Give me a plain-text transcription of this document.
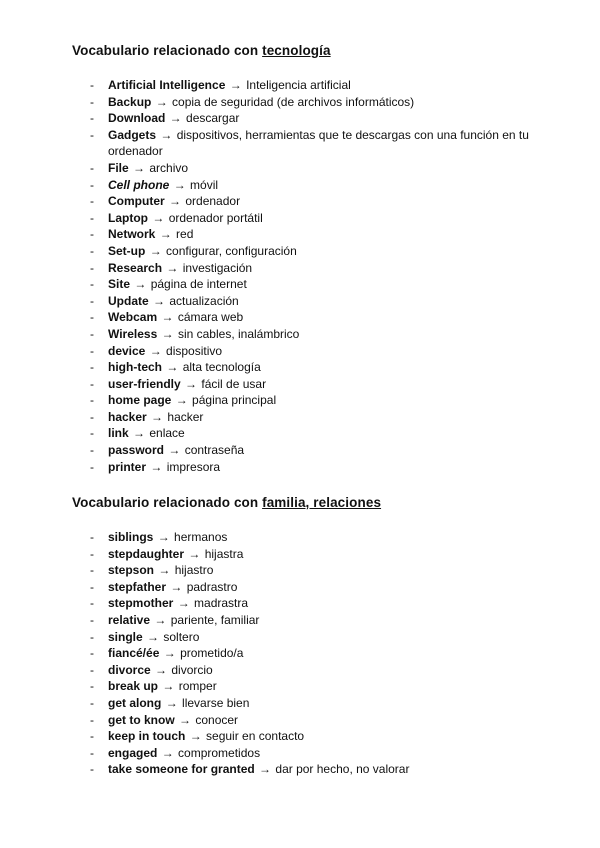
Vocabulario relacionado con tecnología
- Artificial Intelligence → Inteligencia artificial
- Backup → copia de seguridad (de archivos informáticos)
- Download → descargar
- Gadgets → dispositivos, herramientas que te descargas con una función en tu ordenador
- File → archivo
- Cell phone → móvil
- Computer → ordenador
- Laptop → ordenador portátil
- Network → red
- Set-up → configurar, configuración
- Research → investigación
- Site → página de internet
- Update → actualización
- Webcam → cámara web
- Wireless → sin cables, inalámbrico
- device → dispositivo
- high-tech → alta tecnología
- user-friendly → fácil de usar
- home page → página principal
- hacker → hacker
- link → enlace
- password → contraseña
- printer → impresora
Vocabulario relacionado con familia, relaciones
- siblings → hermanos
- stepdaughter → hijastra
- stepson → hijastro
- stepfather → padrastro
- stepmother → madrastra
- relative → pariente, familiar
- single → soltero
- fiancé/ée → prometido/a
- divorce → divorcio
- break up → romper
- get along → llevarse bien
- get to know → conocer
- keep in touch → seguir en contacto
- engaged → comprometidos
- take someone for granted → dar por hecho, no valorar
